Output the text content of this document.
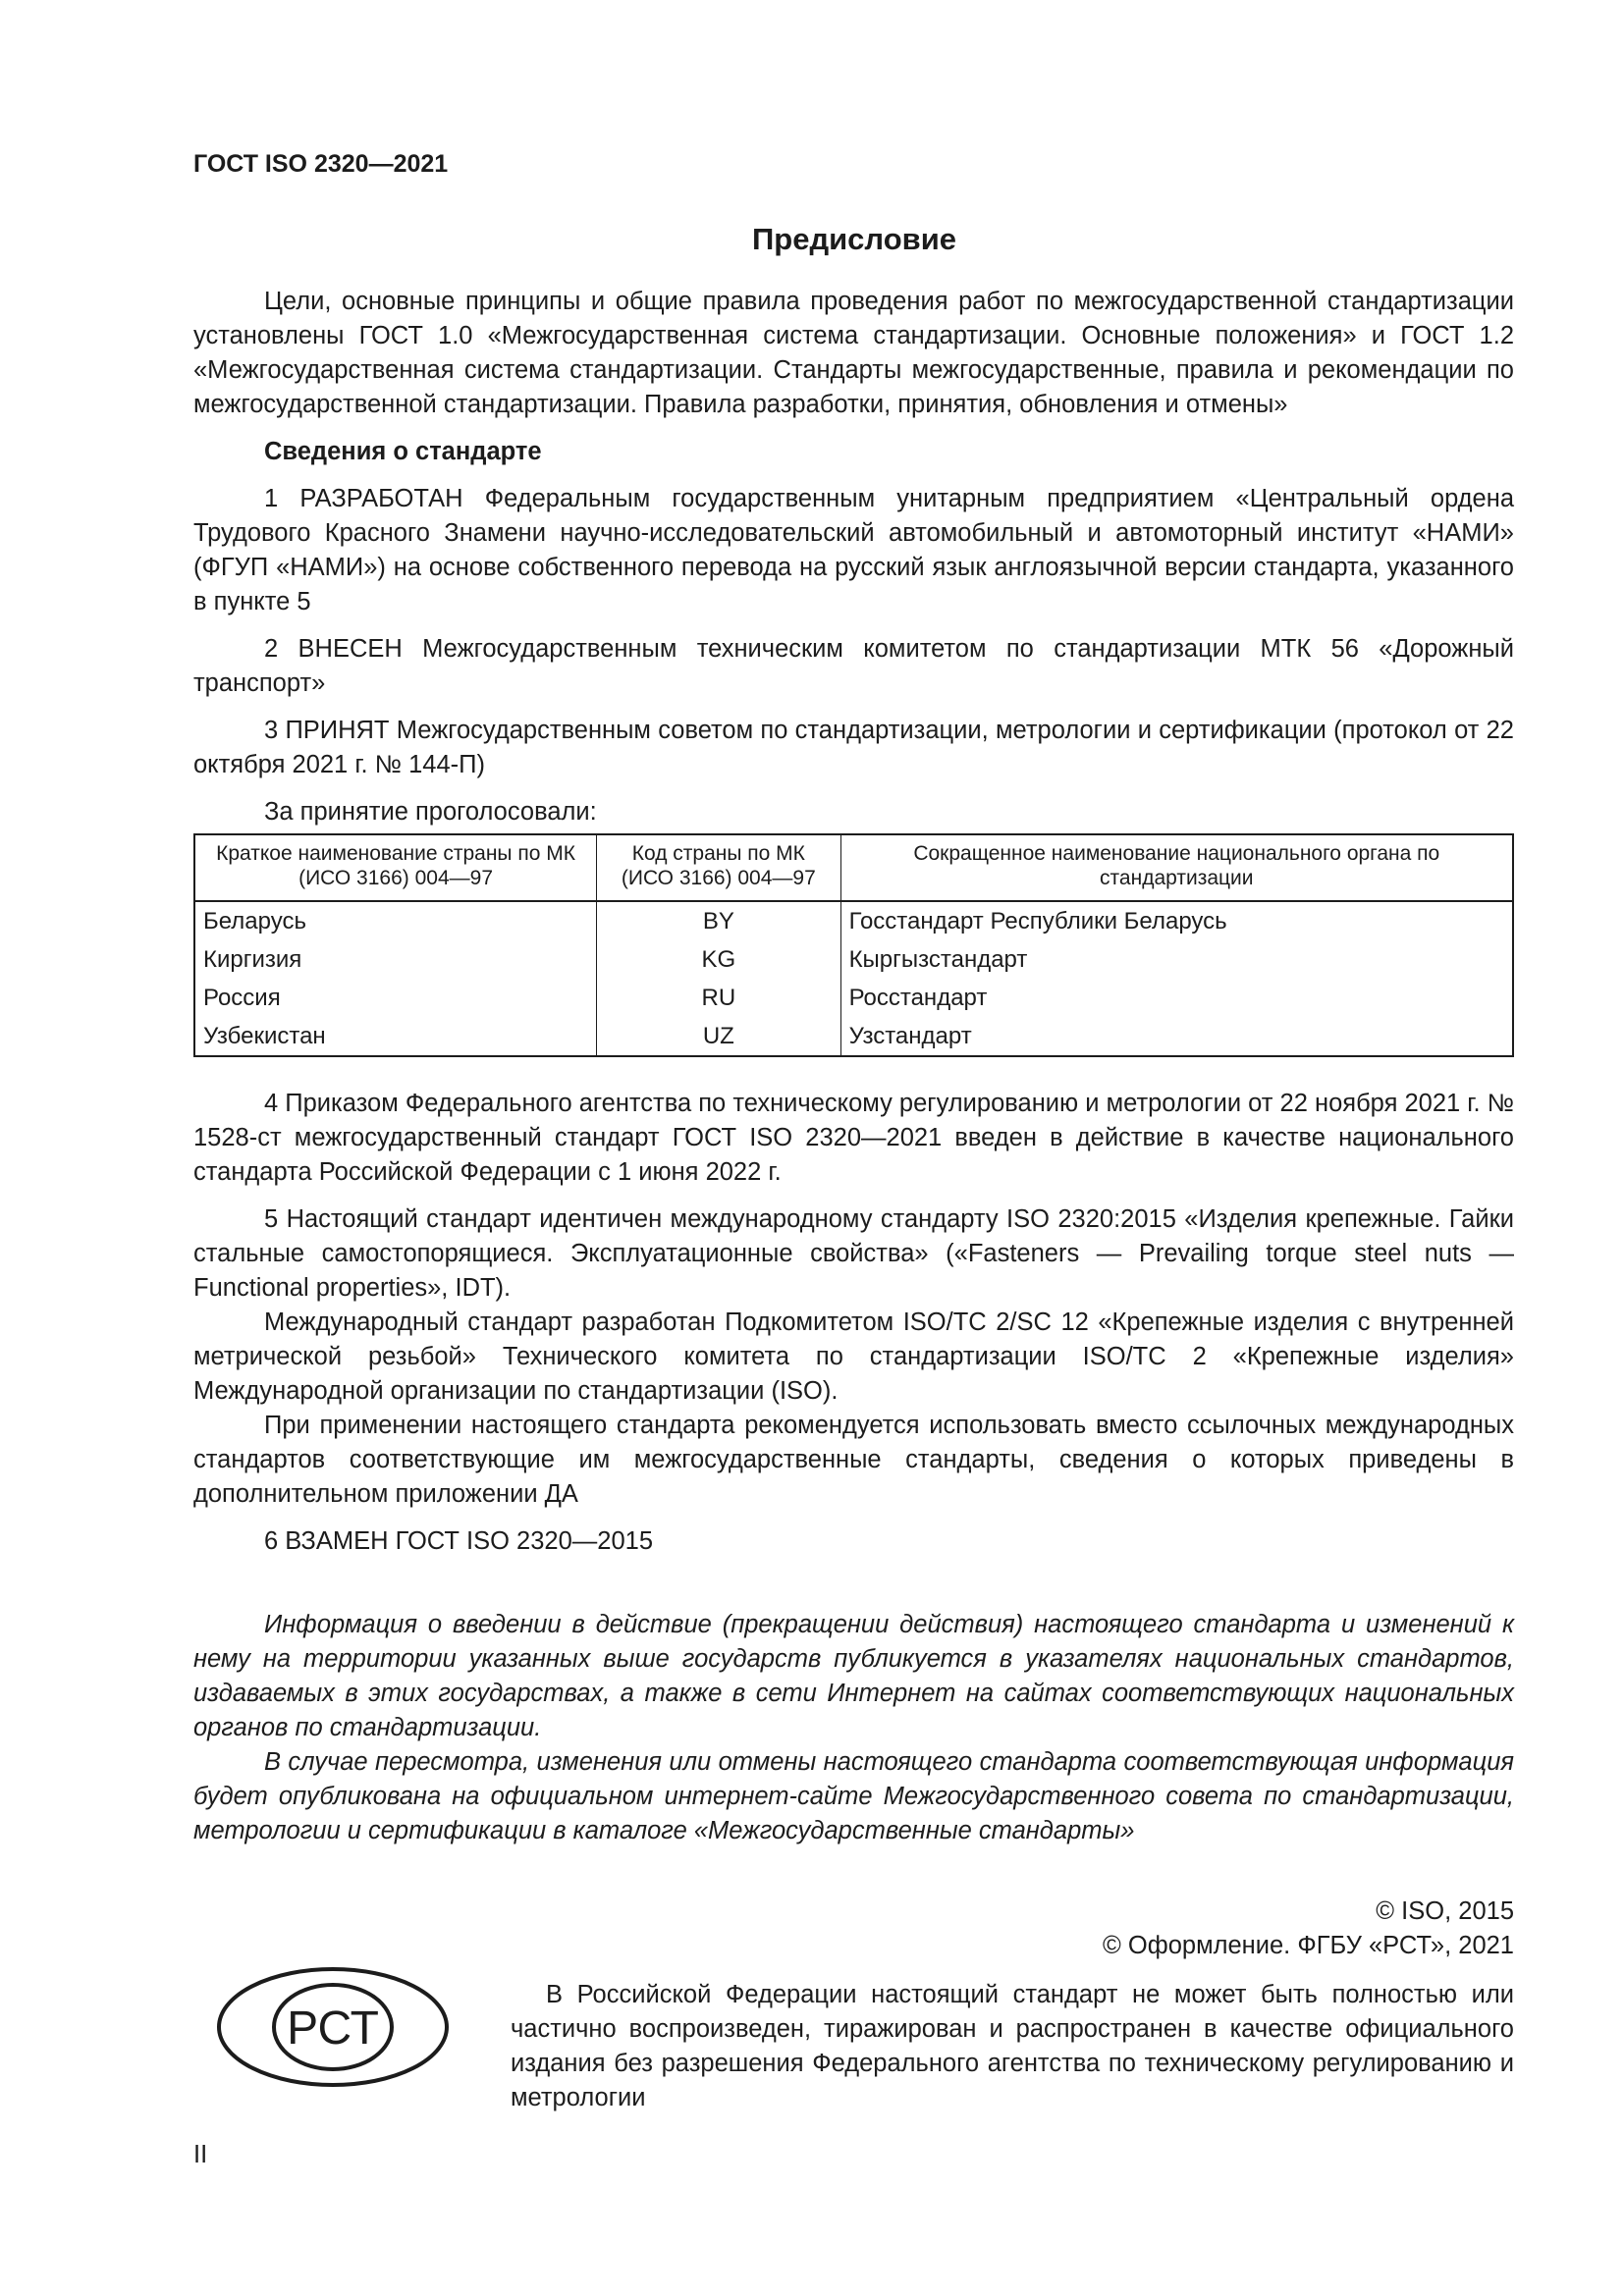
ГОСТ ISO 2320—2021
Предисловие

Цели, основные принципы и общие правила проведения работ по межгосударственной стандартизации установлены ГОСТ 1.0 «Межгосударственная система стандартизации. Основные положения» и ГОСТ 1.2 «Межгосударственная система стандартизации. Стандарты межгосударственные, правила и рекомендации по межгосударственной стандартизации. Правила разработки, принятия, обновления и отмены»

Сведения о стандарте

1 РАЗРАБОТАН Федеральным государственным унитарным предприятием «Центральный ордена Трудового Красного Знамени научно-исследовательский автомобильный и автомоторный институт «НАМИ» (ФГУП «НАМИ») на основе собственного перевода на русский язык англоязычной версии стандарта, указанного в пункте 5

2 ВНЕСЕН Межгосударственным техническим комитетом по стандартизации МТК 56 «Дорожный транспорт»

3 ПРИНЯТ Межгосударственным советом по стандартизации, метрологии и сертификации (протокол от 22 октября 2021 г. № 144-П)

За принятие проголосовали:

Краткое наименование страны по МК (ИСО 3166) 004—97	Код страны по МК (ИСО 3166) 004—97	Сокращенное наименование национального органа по стандартизации
Беларусь	BY	Госстандарт Республики Беларусь
Киргизия	KG	Кыргызстандарт
Россия	RU	Росстандарт
Узбекистан	UZ	Узстандарт

4 Приказом Федерального агентства по техническому регулированию и метрологии от 22 ноября 2021 г. № 1528-ст межгосударственный стандарт ГОСТ ISO 2320—2021 введен в действие в качестве национального стандарта Российской Федерации с 1 июня 2022 г.

5 Настоящий стандарт идентичен международному стандарту ISO 2320:2015 «Изделия крепежные. Гайки стальные самостопорящиеся. Эксплуатационные свойства» («Fasteners — Prevailing torque steel nuts — Functional properties», IDT).

Международный стандарт разработан Подкомитетом ISO/TC 2/SC 12 «Крепежные изделия с внутренней метрической резьбой» Технического комитета по стандартизации ISO/TC 2 «Крепежные изделия» Международной организации по стандартизации (ISO).

При применении настоящего стандарта рекомендуется использовать вместо ссылочных международных стандартов соответствующие им межгосударственные стандарты, сведения о которых приведены в дополнительном приложении ДА

6 ВЗАМЕН ГОСТ ISO 2320—2015

Информация о введении в действие (прекращении действия) настоящего стандарта и изменений к нему на территории указанных выше государств публикуется в указателях национальных стандартов, издаваемых в этих государствах, а также в сети Интернет на сайтах соответствующих национальных органов по стандартизации.

В случае пересмотра, изменения или отмены настоящего стандарта соответствующая информация будет опубликована на официальном интернет-сайте Межгосударственного совета по стандартизации, метрологии и сертификации в каталоге «Межгосударственные стандарты»

© ISO, 2015
© Оформление. ФГБУ «РСТ», 2021
РСТ
В Российской Федерации настоящий стандарт не может быть полностью или частично воспроизведен, тиражирован и распространен в качестве официального издания без разрешения Федерального агентства по техническому регулированию и метрологии
II
